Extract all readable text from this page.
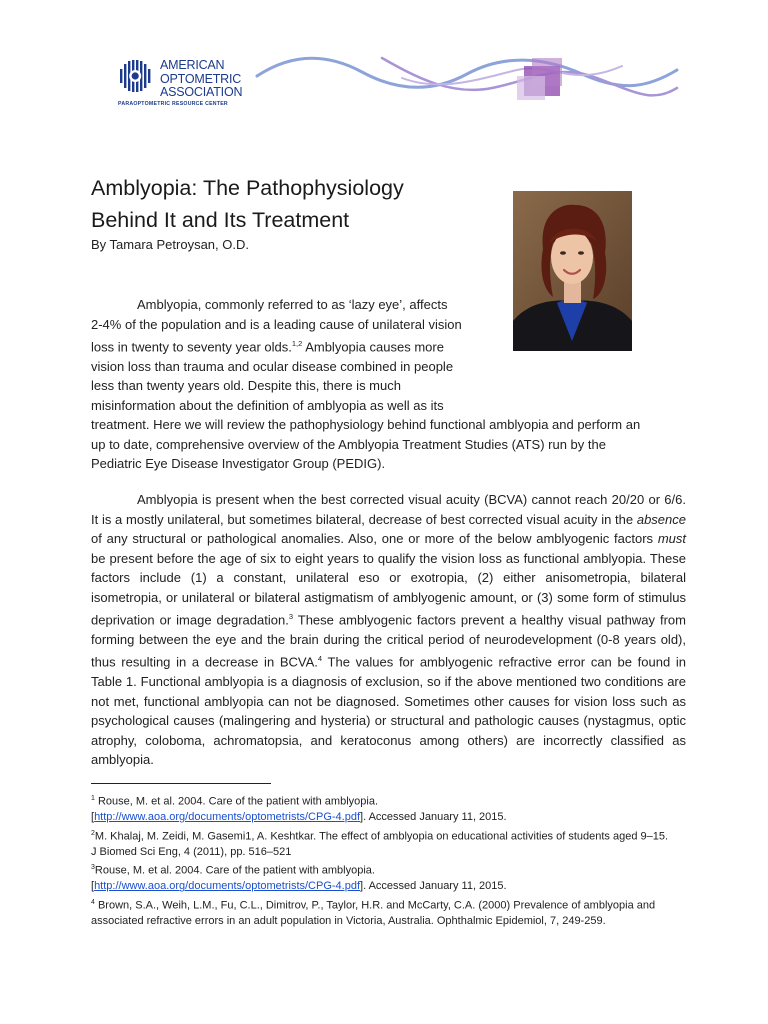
AMERICAN
OPTOMETRIC
ASSOCIATION
PARAOPTOMETRIC RESOURCE CENTER
Amblyopia: The Pathophysiology
Behind It and Its Treatment
By Tamara Petroysan, O.D.
Amblyopia, commonly referred to as ‘lazy eye’, affects
2-4% of the population and is a leading cause of unilateral vision
loss in twenty to seventy year olds.$^{1,2}$ Amblyopia causes more
vision loss than trauma and ocular disease combined in people
less than twenty years old. Despite this, there is much
misinformation about the definition of amblyopia as well as its
treatment. Here we will review the pathophysiology behind functional amblyopia and perform an
up to date, comprehensive overview of the Amblyopia Treatment Studies (ATS) run by the
Pediatric Eye Disease Investigator Group (PEDIG).
Amblyopia is present when the best corrected visual acuity (BCVA) cannot reach 20/20 or 6/6. It is a mostly unilateral, but sometimes bilateral, decrease of best corrected visual acuity in the absence of any structural or pathological anomalies. Also, one or more of the below amblyogenic factors must be present before the age of six to eight years to qualify the vision loss as functional amblyopia. These factors include (1) a constant, unilateral eso or exotropia, (2) either anisometropia, bilateral isometropia, or unilateral or bilateral astigmatism of amblyogenic amount, or (3) some form of stimulus deprivation or image degradation.$^3$ These amblyogenic factors prevent a healthy visual pathway from forming between the eye and the brain during the critical period of neurodevelopment (0-8 years old), thus resulting in a decrease in BCVA.$^4$ The values for amblyogenic refractive error can be found in Table 1. Functional amblyopia is a diagnosis of exclusion, so if the above mentioned two conditions are not met, functional amblyopia can not be diagnosed. Sometimes other causes for vision loss such as psychological causes (malingering and hysteria) or structural and pathologic causes (nystagmus, optic atrophy, coloboma, achromatopsia, and keratoconus among others) are incorrectly classified as amblyopia.

$^1$ Rouse, M. et al. 2004. Care of the patient with amblyopia.
[http://www.aoa.org/documents/optometrists/CPG-4.pdf]. Accessed January 11, 2015.

$^2$M. Khalaj, M. Zeidi, M. Gasemi1, A. Keshtkar. The effect of amblyopia on educational activities of students aged 9–15. J Biomed Sci Eng, 4 (2011), pp. 516–521

$^3$Rouse, M. et al. 2004. Care of the patient with amblyopia.
[http://www.aoa.org/documents/optometrists/CPG-4.pdf]. Accessed January 11, 2015.

$^4$ Brown, S.A., Weih, L.M., Fu, C.L., Dimitrov, P., Taylor, H.R. and McCarty, C.A. (2000) Prevalence of amblyopia and associated refractive errors in an adult population in Victoria, Australia. Ophthalmic Epidemiol, 7, 249-259.
